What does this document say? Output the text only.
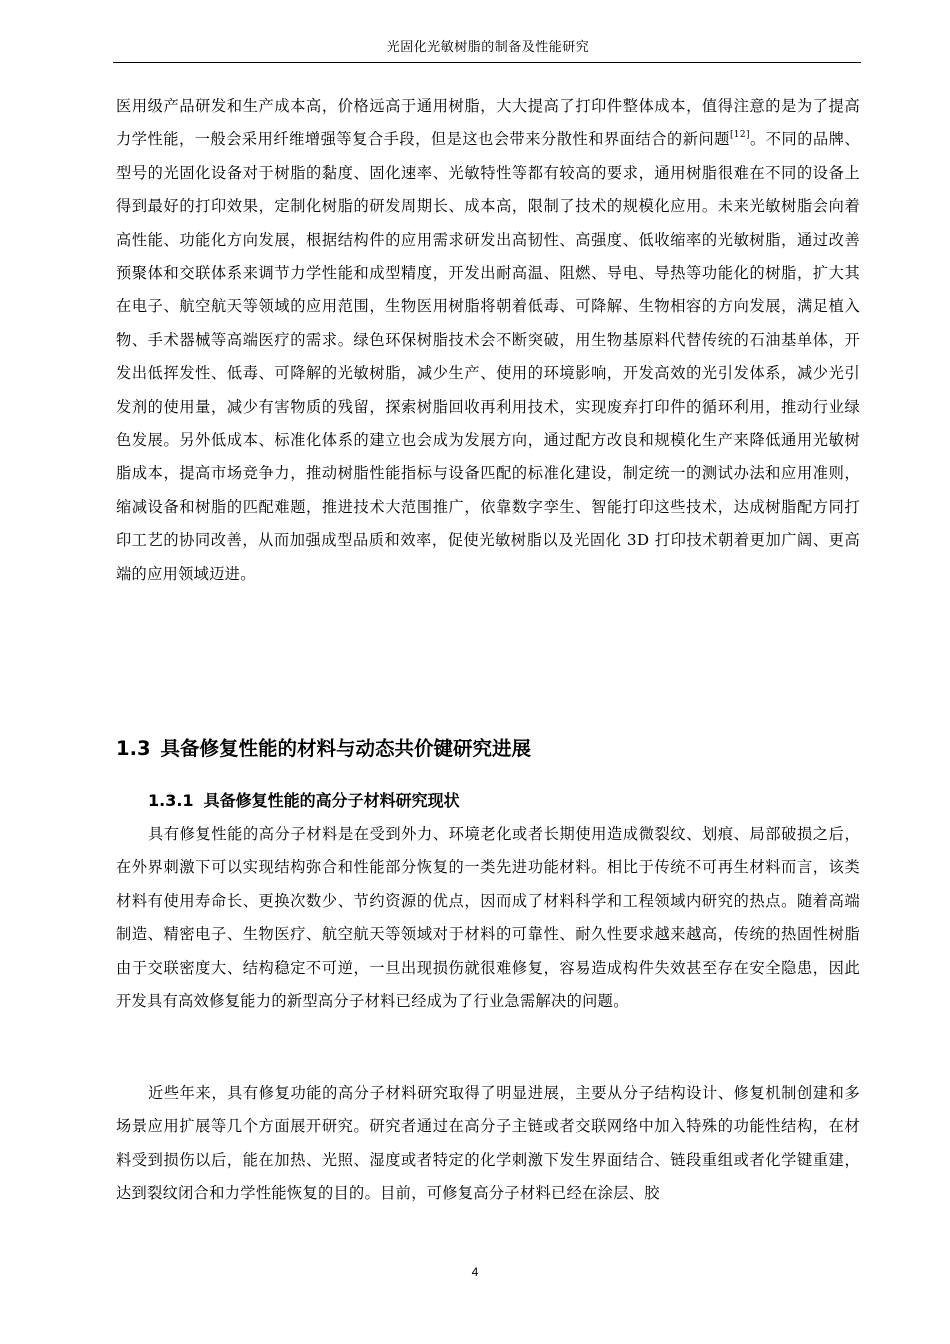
光固化光敏树脂的制备及性能研究

医用级产品研发和生产成本高，价格远高于通用树脂，大大提高了打印件整体成本，值得注意的是为了提高力学性能，一般会采用纤维增强等复合手段，但是这也会带来分散性和界面结合的新问题[12]。不同的品牌、型号的光固化设备对于树脂的黏度、固化速率、光敏特性等都有较高的要求，通用树脂很难在不同的设备上得到最好的打印效果，定制化树脂的研发周期长、成本高，限制了技术的规模化应用。未来光敏树脂会向着高性能、功能化方向发展，根据结构件的应用需求研发出高韧性、高强度、低收缩率的光敏树脂，通过改善预聚体和交联体系来调节力学性能和成型精度，开发出耐高温、阻燃、导电、导热等功能化的树脂，扩大其在电子、航空航天等领域的应用范围，生物医用树脂将朝着低毒、可降解、生物相容的方向发展，满足植入物、手术器械等高端医疗的需求。绿色环保树脂技术会不断突破，用生物基原料代替传统的石油基单体，开发出低挥发性、低毒、可降解的光敏树脂，减少生产、使用的环境影响，开发高效的光引发体系，减少光引发剂的使用量，减少有害物质的残留，探索树脂回收再利用技术，实现废弃打印件的循环利用，推动行业绿色发展。另外低成本、标准化体系的建立也会成为发展方向，通过配方改良和规模化生产来降低通用光敏树脂成本，提高市场竞争力，推动树脂性能指标与设备匹配的标准化建设，制定统一的测试办法和应用准则，缩减设备和树脂的匹配难题，推进技术大范围推广，依靠数字孪生、智能打印这些技术，达成树脂配方同打印工艺的协同改善，从而加强成型品质和效率，促使光敏树脂以及光固化 3D 打印技术朝着更加广阔、更高端的应用领域迈进。

1.3 具备修复性能的材料与动态共价键研究进展
1.3.1 具备修复性能的高分子材料研究现状

具有修复性能的高分子材料是在受到外力、环境老化或者长期使用造成微裂纹、划痕、局部破损之后，在外界刺激下可以实现结构弥合和性能部分恢复的一类先进功能材料。相比于传统不可再生材料而言，该类材料有使用寿命长、更换次数少、节约资源的优点，因而成了材料科学和工程领域内研究的热点。随着高端制造、精密电子、生物医疗、航空航天等领域对于材料的可靠性、耐久性要求越来越高，传统的热固性树脂由于交联密度大、结构稳定不可逆，一旦出现损伤就很难修复，容易造成构件失效甚至存在安全隐患，因此开发具有高效修复能力的新型高分子材料已经成为了行业急需解决的问题。

近些年来，具有修复功能的高分子材料研究取得了明显进展，主要从分子结构设计、修复机制创建和多场景应用扩展等几个方面展开研究。研究者通过在高分子主链或者交联网络中加入特殊的功能性结构，在材料受到损伤以后，能在加热、光照、湿度或者特定的化学刺激下发生界面结合、链段重组或者化学键重建，达到裂纹闭合和力学性能恢复的目的。目前，可修复高分子材料已经在涂层、胶

4
